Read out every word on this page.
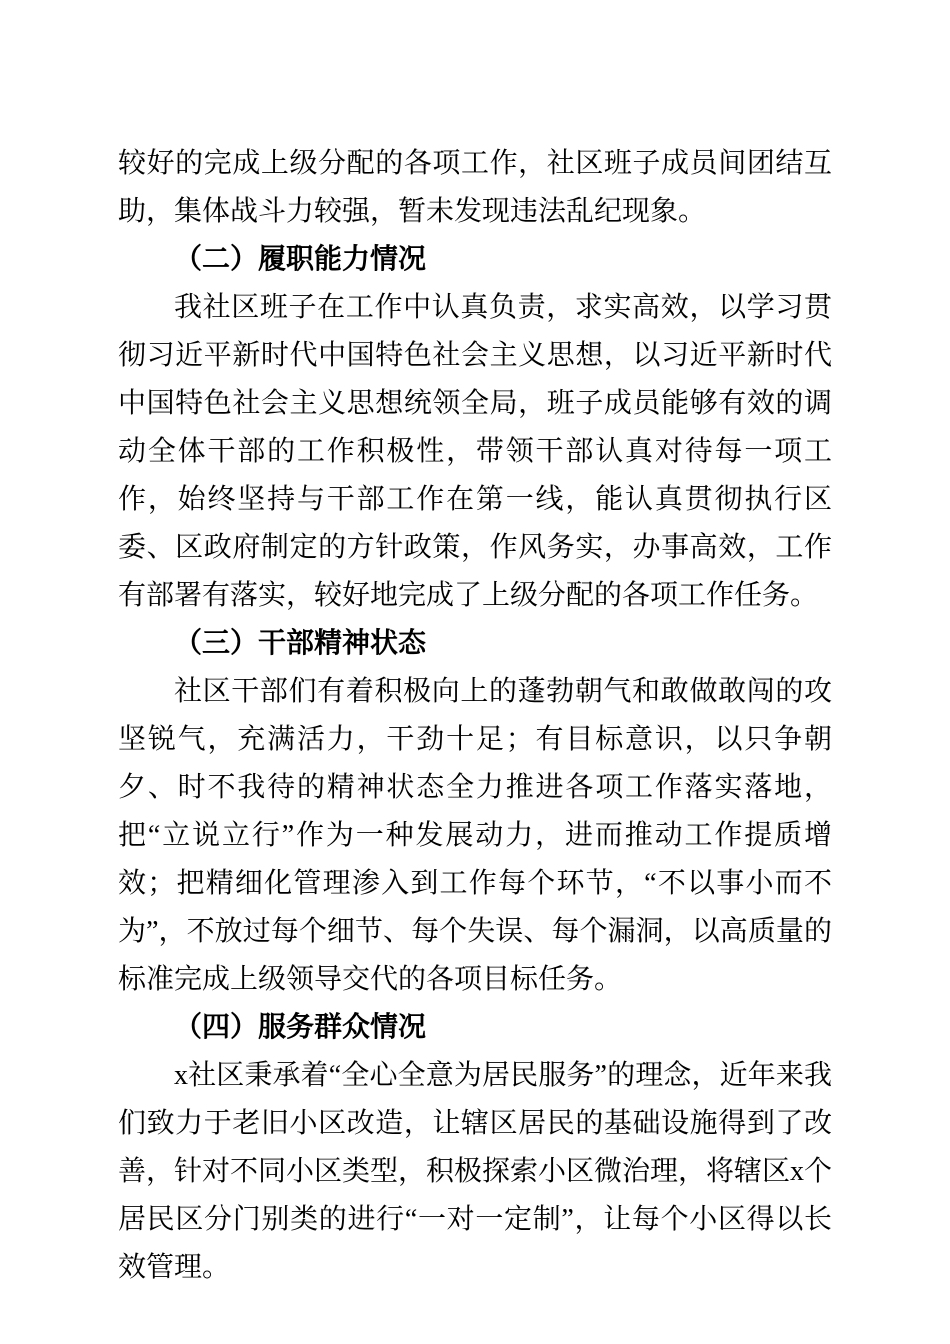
较好的完成上级分配的各项工作，社区班子成员间团结互助，集体战斗力较强，暂未发现违法乱纪现象。

（二）履职能力情况

我社区班子在工作中认真负责，求实高效，以学习贯彻习近平新时代中国特色社会主义思想，以习近平新时代中国特色社会主义思想统领全局，班子成员能够有效的调动全体干部的工作积极性，带领干部认真对待每一项工作，始终坚持与干部工作在第一线，能认真贯彻执行区委、区政府制定的方针政策，作风务实，办事高效，工作有部署有落实，较好地完成了上级分配的各项工作任务。

（三）干部精神状态

社区干部们有着积极向上的蓬勃朝气和敢做敢闯的攻坚锐气，充满活力，干劲十足；有目标意识，以只争朝夕、时不我待的精神状态全力推进各项工作落实落地，把“立说立行”作为一种发展动力，进而推动工作提质增效；把精细化管理渗入到工作每个环节，“不以事小而不为”，不放过每个细节、每个失误、每个漏洞，以高质量的标准完成上级领导交代的各项目标任务。

（四）服务群众情况

x社区秉承着“全心全意为居民服务”的理念，近年来我们致力于老旧小区改造，让辖区居民的基础设施得到了改善，针对不同小区类型，积极探索小区微治理，将辖区x个居民区分门别类的进行“一对一定制”，让每个小区得以长效管理。
